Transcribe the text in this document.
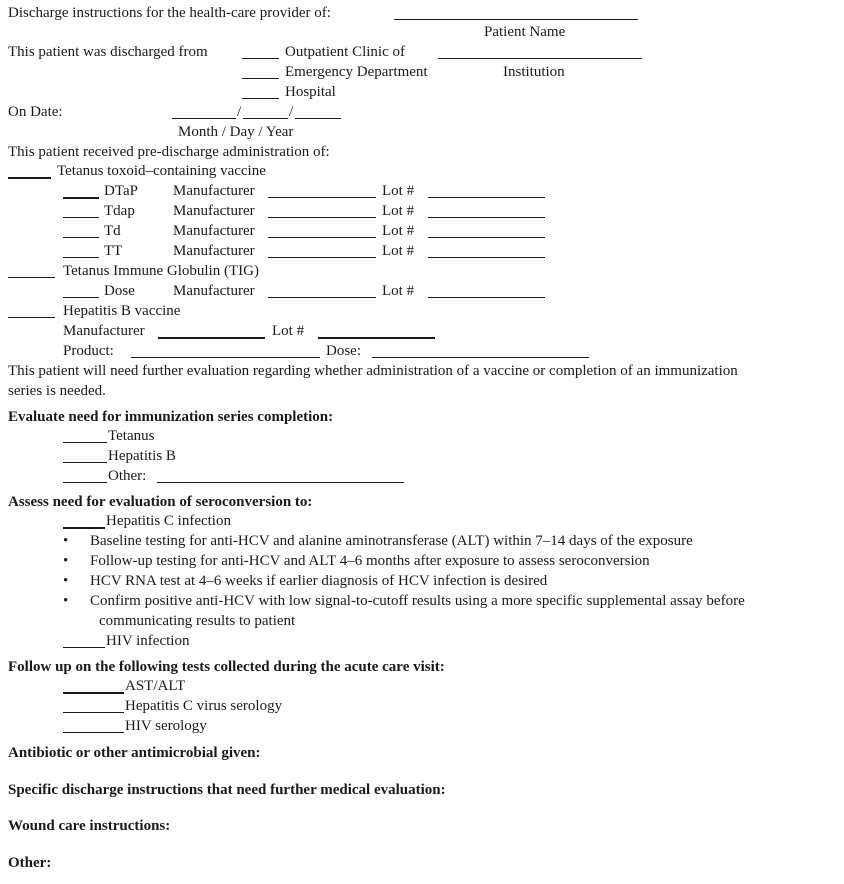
Discharge instructions for the health-care provider of:
Patient Name
This patient was discharged from	Outpatient Clinic of
Emergency Department	Institution
Hospital
On Date:	/	/
Month / Day / Year
This patient received pre-discharge administration of:
Tetanus toxoid–containing vaccine
DTaP Manufacturer	Lot #
Tdap	Manufacturer	Lot #
Td	Manufacturer	Lot #
TT	Manufacturer	Lot #
Tetanus Immune Globulin (TIG)
Dose	Manufacturer	Lot #
Hepatitis B vaccine
Manufacturer	Lot #
Product:	Dose:
This patient will need further evaluation regarding whether administration of a vaccine or completion of an immunization
series is needed.
Evaluate need for immunization series completion:
Tetanus
Hepatitis B
Other:
Assess need for evaluation of seroconversion to:
Hepatitis C infection
• Baseline testing for anti-HCV and alanine aminotransferase (ALT) within 7–14 days of the exposure
• Follow-up testing for anti-HCV and ALT 4–6 months after exposure to assess seroconversion
• HCV RNA test at 4–6 weeks if earlier diagnosis of HCV infection is desired
• Confirm positive anti-HCV with low signal-to-cutoff results using a more specific supplemental assay before
communicating results to patient
HIV infection
Follow up on the following tests collected during the acute care visit:
AST/ALT
Hepatitis C virus serology
HIV serology
Antibiotic or other antimicrobial given:
Specific discharge instructions that need further medical evaluation:
Wound care instructions:
Other:
